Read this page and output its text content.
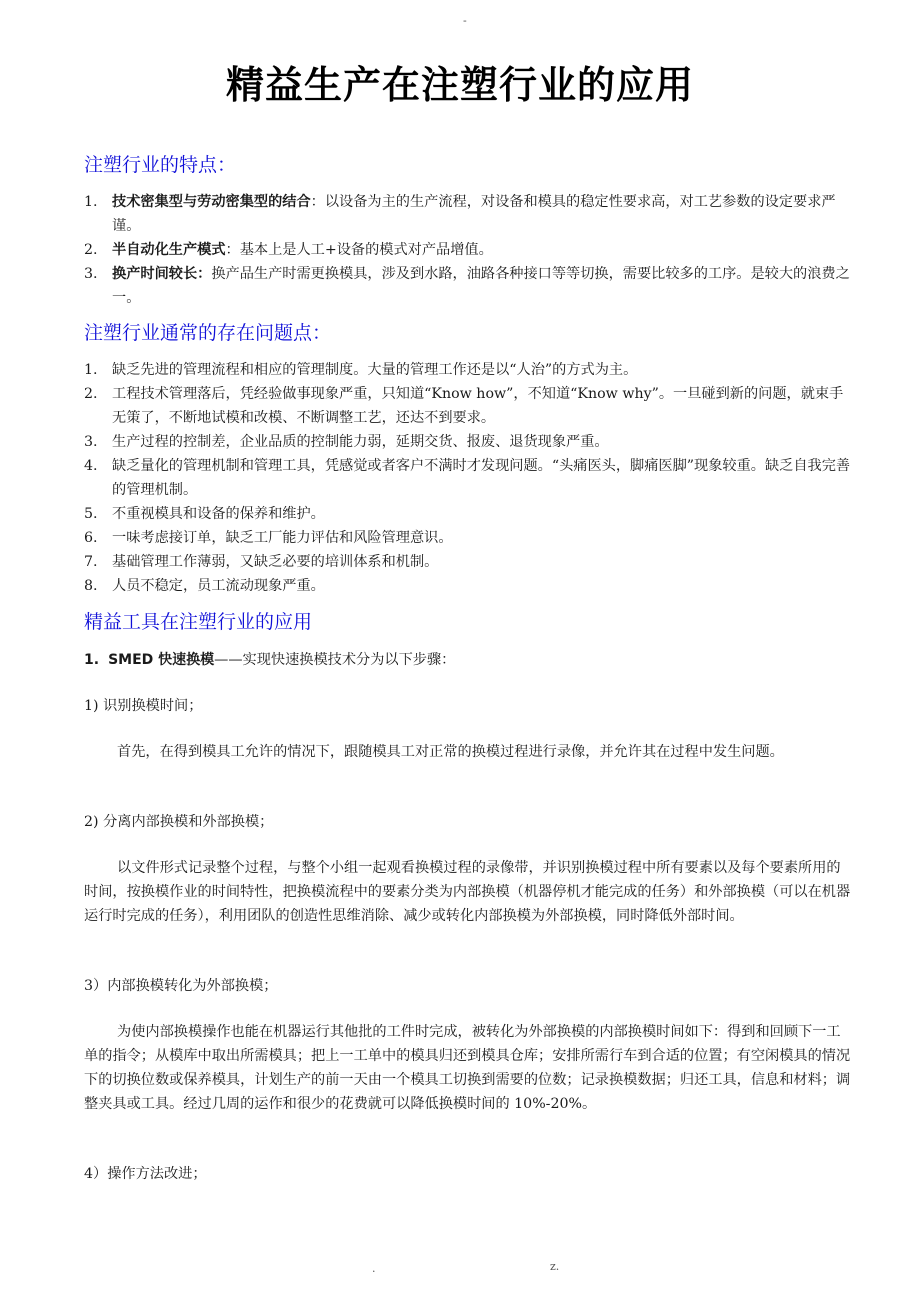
-
精益生产在注塑行业的应用
注塑行业的特点：
1. 技术密集型与劳动密集型的结合：以设备为主的生产流程，对设备和模具的稳定性要求高，对工艺参数的设定要求严谨。
2. 半自动化生产模式：基本上是人工+设备的模式对产品增值。
3. 换产时间较长：换产品生产时需更换模具，涉及到水路，油路各种接口等等切换，需要比较多的工序。是较大的浪费之一。
注塑行业通常的存在问题点：
1. 缺乏先进的管理流程和相应的管理制度。大量的管理工作还是以“人治”的方式为主。
2. 工程技术管理落后，凭经验做事现象严重，只知道“Know how”，不知道“Know why”。一旦碰到新的问题，就束手无策了，不断地试模和改模、不断调整工艺，还达不到要求。
3. 生产过程的控制差，企业品质的控制能力弱，延期交货、报废、退货现象严重。
4. 缺乏量化的管理机制和管理工具，凭感觉或者客户不满时才发现问题。“头痛医头，脚痛医脚”现象较重。缺乏自我完善的管理机制。
5. 不重视模具和设备的保养和维护。
6. 一味考虑接订单，缺乏工厂能力评估和风险管理意识。
7. 基础管理工作薄弱，又缺乏必要的培训体系和机制。
8. 人员不稳定，员工流动现象严重。
精益工具在注塑行业的应用

1. SMED 快速换模——实现快速换模技术分为以下步骤：

1) 识别换模时间；

首先，在得到模具工允许的情况下，跟随模具工对正常的换模过程进行录像，并允许其在过程中发生问题。

2) 分离内部换模和外部换模；

以文件形式记录整个过程，与整个小组一起观看换模过程的录像带，并识别换模过程中所有要素以及每个要素所用的时间，按换模作业的时间特性，把换模流程中的要素分类为内部换模（机器停机才能完成的任务）和外部换模（可以在机器运行时完成的任务），利用团队的创造性思维消除、减少或转化内部换模为外部换模，同时降低外部时间。

3）内部换模转化为外部换模；

为使内部换模操作也能在机器运行其他批的工件时完成，被转化为外部换模的内部换模时间如下：得到和回顾下一工单的指令；从模库中取出所需模具；把上一工单中的模具归还到模具仓库；安排所需行车到合适的位置；有空闲模具的情况下的切换位数或保养模具，计划生产的前一天由一个模具工切换到需要的位数；记录换模数据；归还工具，信息和材料；调整夹具或工具。经过几周的运作和很少的花费就可以降低换模时间的 10%-20%。

4）操作方法改进；

.	z.
